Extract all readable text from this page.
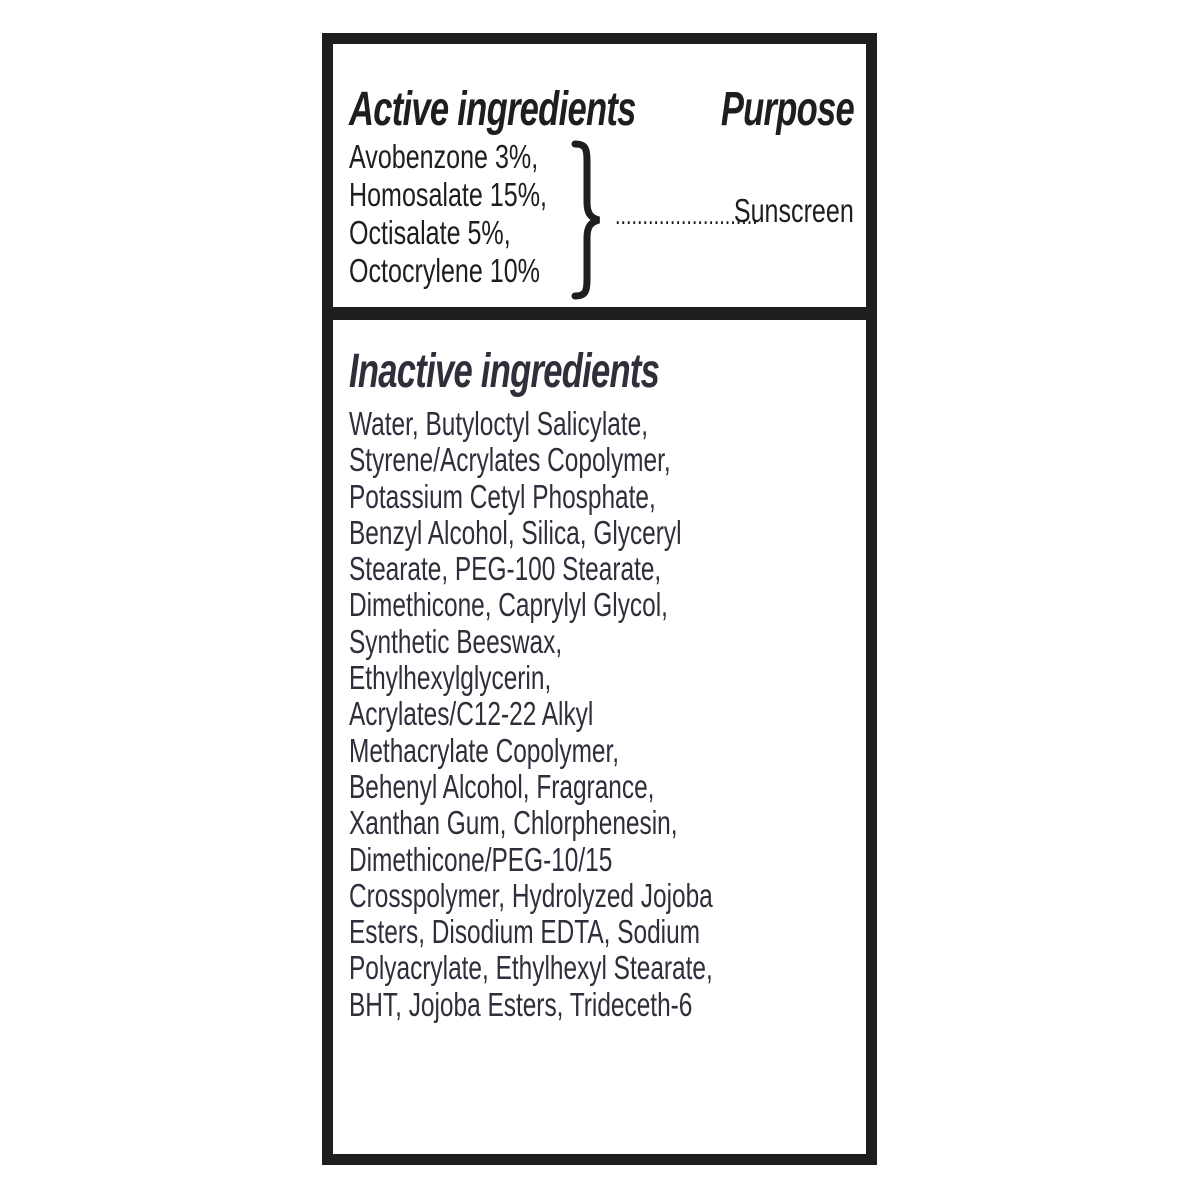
Active ingredients Purpose
Avobenzone 3%,
Homosalate 15%,
Octisalate 5%,
Octocrylene 10%
..........................
Sunscreen
Inactive ingredients
Water, Butyloctyl Salicylate,
Styrene/Acrylates Copolymer,
Potassium Cetyl Phosphate,
Benzyl Alcohol, Silica, Glyceryl
Stearate, PEG-100 Stearate,
Dimethicone, Caprylyl Glycol,
Synthetic Beeswax,
Ethylhexylglycerin,
Acrylates/C12-22 Alkyl
Methacrylate Copolymer,
Behenyl Alcohol, Fragrance,
Xanthan Gum, Chlorphenesin,
Dimethicone/PEG-10/15
Crosspolymer, Hydrolyzed Jojoba
Esters, Disodium EDTA, Sodium
Polyacrylate, Ethylhexyl Stearate,
BHT, Jojoba Esters, Trideceth-6
